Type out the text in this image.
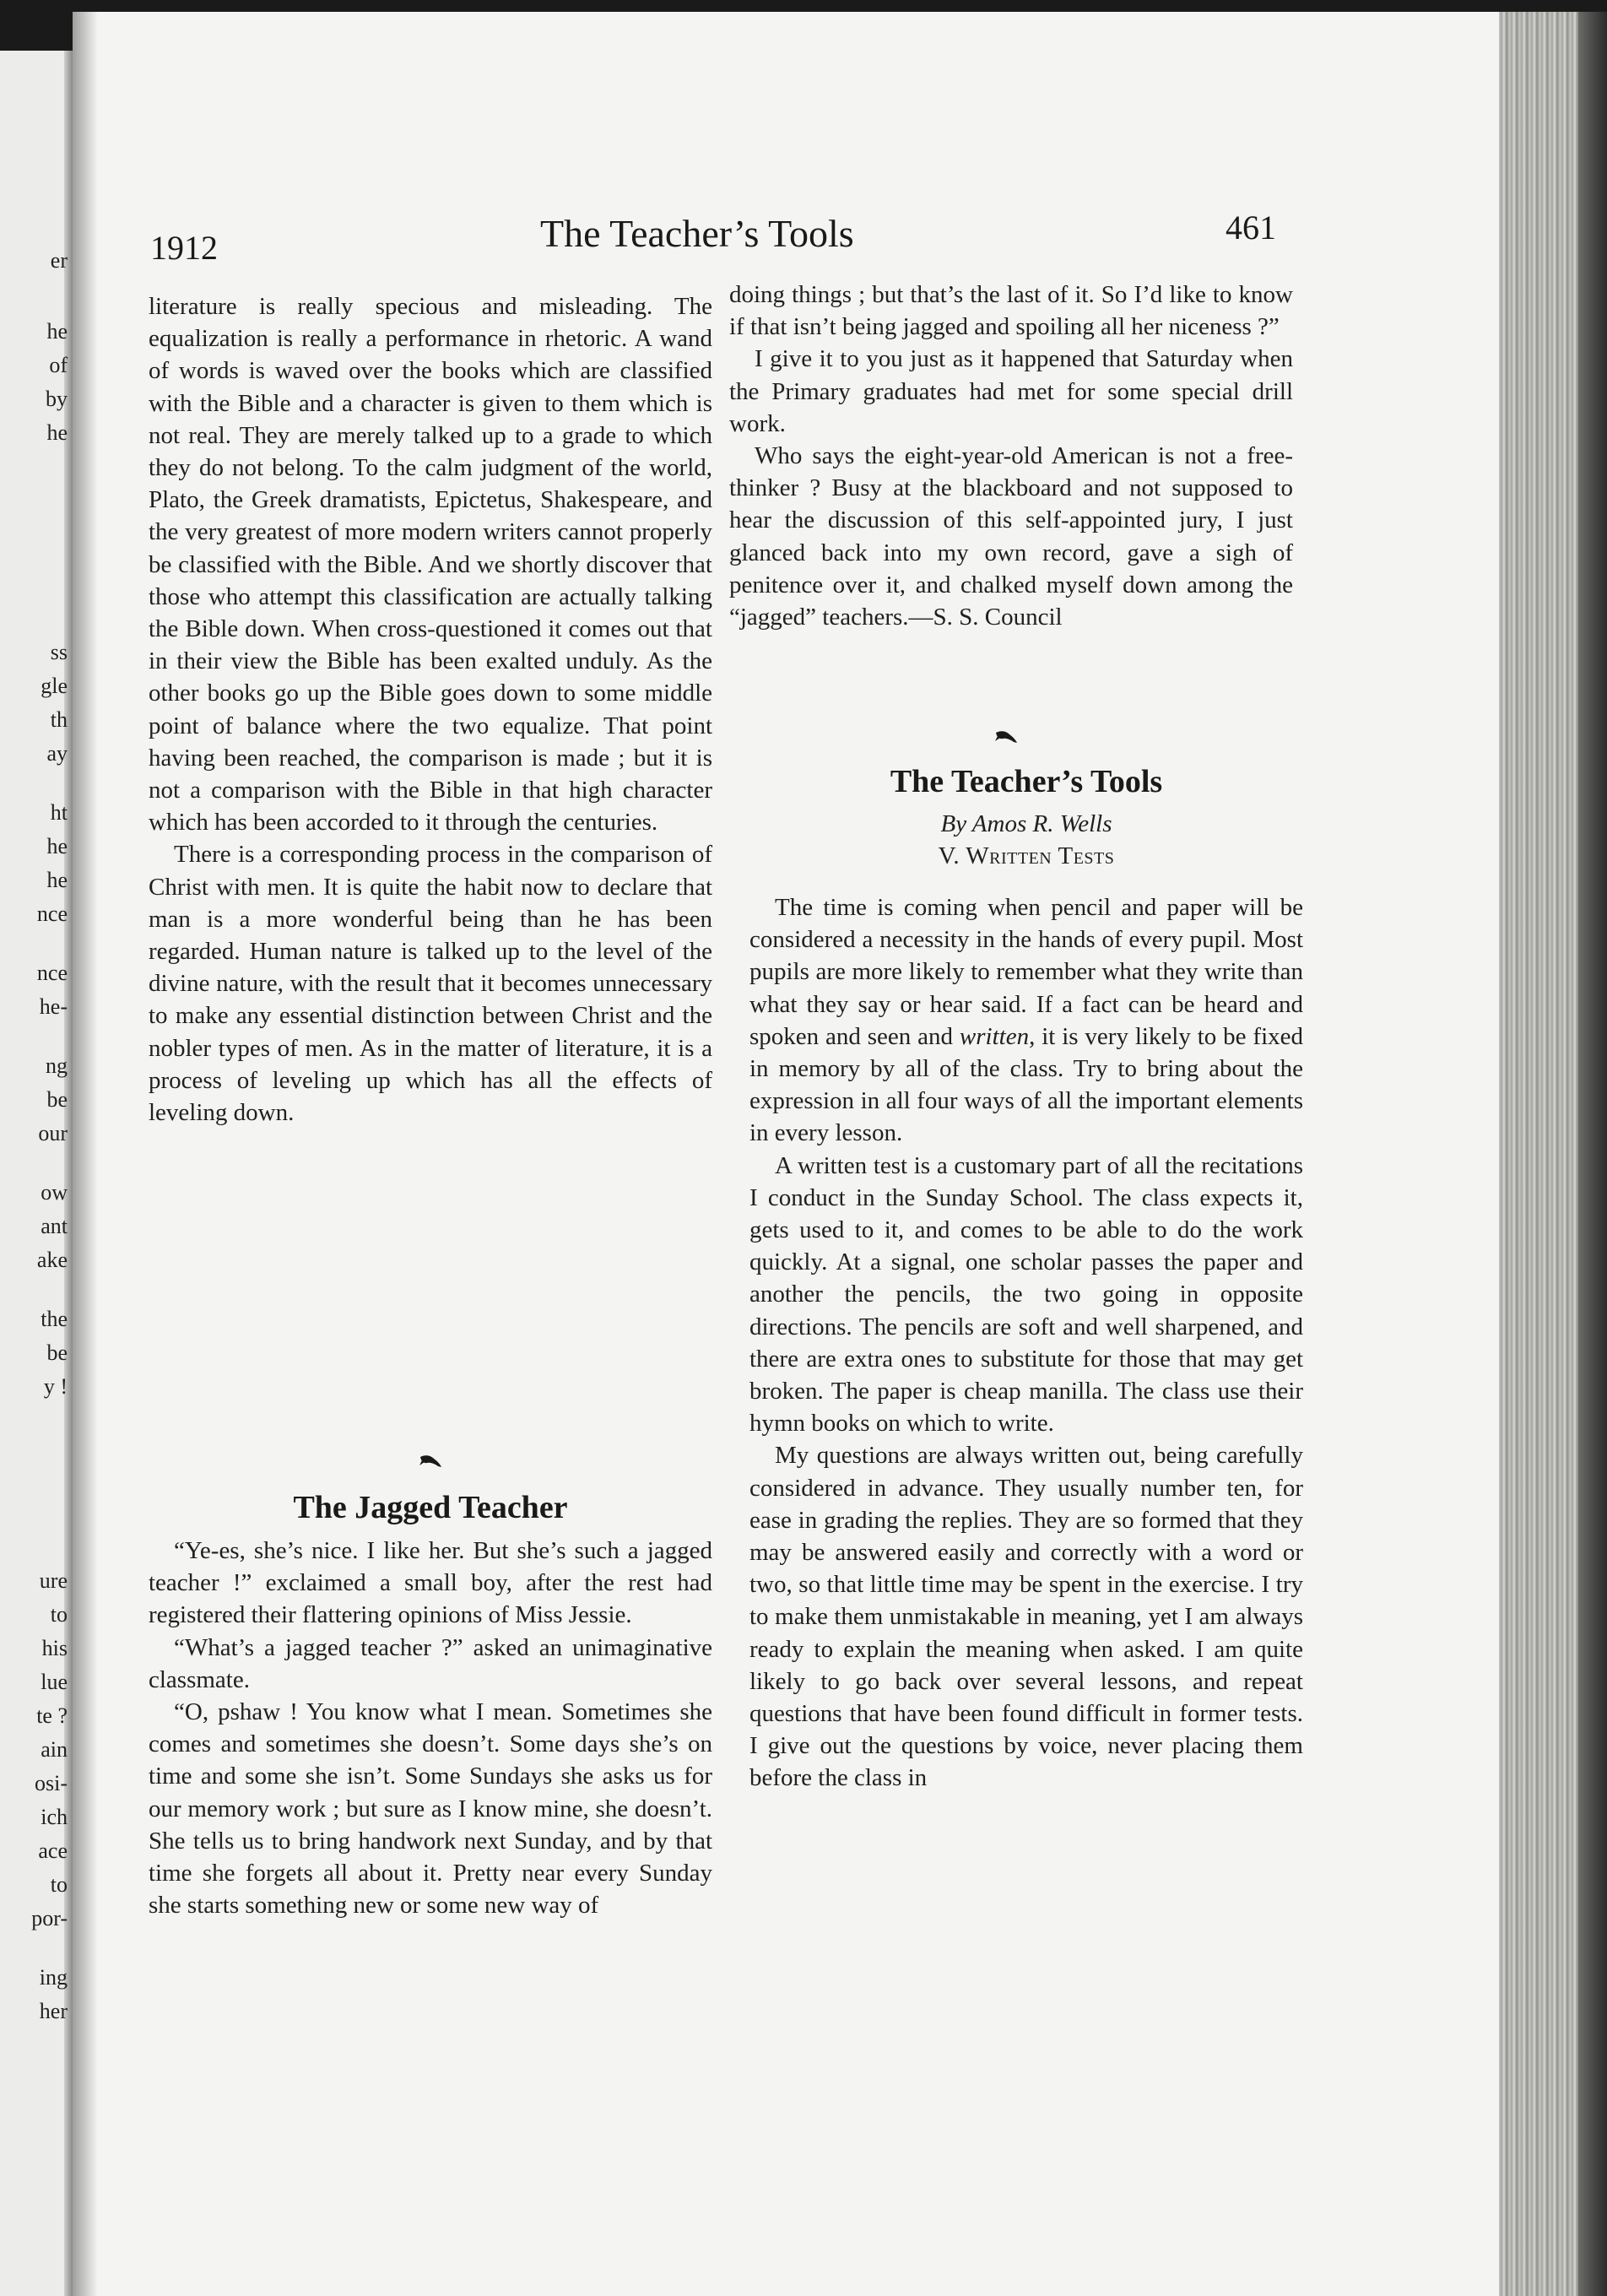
er
he
of
by
he
ss
gle
th
ay
ht
he
he
nce
nce
he-
ng
be
our
ow
ant
ake
the
be
y !
ure
to
his
lue
te ?
ain
osi-
ich
ace
to
por-
ing
her
1912	The Teacher’s Tools	461

literature is really specious and misleading. The equalization is really a performance in rhetoric. A wand of words is waved over the books which are classified with the Bible and a character is given to them which is not real. They are merely talked up to a grade to which they do not belong. To the calm judgment of the world, Plato, the Greek dramatists, Epictetus, Shakespeare, and the very greatest of more modern writers cannot properly be classified with the Bible. And we shortly discover that those who attempt this classification are actually talking the Bible down. When cross-questioned it comes out that in their view the Bible has been exalted unduly. As the other books go up the Bible goes down to some middle point of balance where the two equalize. That point having been reached, the comparison is made ; but it is not a comparison with the Bible in that high character which has been accorded to it through the centuries.

There is a corresponding process in the comparison of Christ with men. It is quite the habit now to declare that man is a more wonderful being than he has been regarded. Human nature is talked up to the level of the divine nature, with the result that it becomes unnecessary to make any essential distinction between Christ and the nobler types of men. As in the matter of literature, it is a process of leveling up which has all the effects of leveling down.

The Jagged Teacher

“Ye-es, she’s nice. I like her. But she’s such a jagged teacher !” exclaimed a small boy, after the rest had registered their flattering opinions of Miss Jessie.

“What’s a jagged teacher ?” asked an unimaginative classmate.

“O, pshaw ! You know what I mean. Sometimes she comes and sometimes she doesn’t. Some days she’s on time and some she isn’t. Some Sundays she asks us for our memory work ; but sure as I know mine, she doesn’t. She tells us to bring handwork next Sunday, and by that time she forgets all about it. Pretty near every Sunday she starts something new or some new way of

doing things ; but that’s the last of it. So I’d like to know if that isn’t being jagged and spoiling all her niceness ?”

I give it to you just as it happened that Saturday when the Primary graduates had met for some special drill work.

Who says the eight-year-old American is not a free-thinker ? Busy at the blackboard and not supposed to hear the discussion of this self-appointed jury, I just glanced back into my own record, gave a sigh of penitence over it, and chalked myself down among the “jagged” teachers.—S. S. Council

The Teacher’s Tools
By Amos R. Wells
V. Written Tests

The time is coming when pencil and paper will be considered a necessity in the hands of every pupil. Most pupils are more likely to remember what they write than what they say or hear said. If a fact can be heard and spoken and seen and written, it is very likely to be fixed in memory by all of the class. Try to bring about the expression in all four ways of all the important elements in every lesson.

A written test is a customary part of all the recitations I conduct in the Sunday School. The class expects it, gets used to it, and comes to be able to do the work quickly. At a signal, one scholar passes the paper and another the pencils, the two going in opposite directions. The pencils are soft and well sharpened, and there are extra ones to substitute for those that may get broken. The paper is cheap manilla. The class use their hymn books on which to write.

My questions are always written out, being carefully considered in advance. They usually number ten, for ease in grading the replies. They are so formed that they may be answered easily and correctly with a word or two, so that little time may be spent in the exercise. I try to make them unmistakable in meaning, yet I am always ready to explain the meaning when asked. I am quite likely to go back over several lessons, and repeat questions that have been found difficult in former tests. I give out the questions by voice, never placing them before the class in
